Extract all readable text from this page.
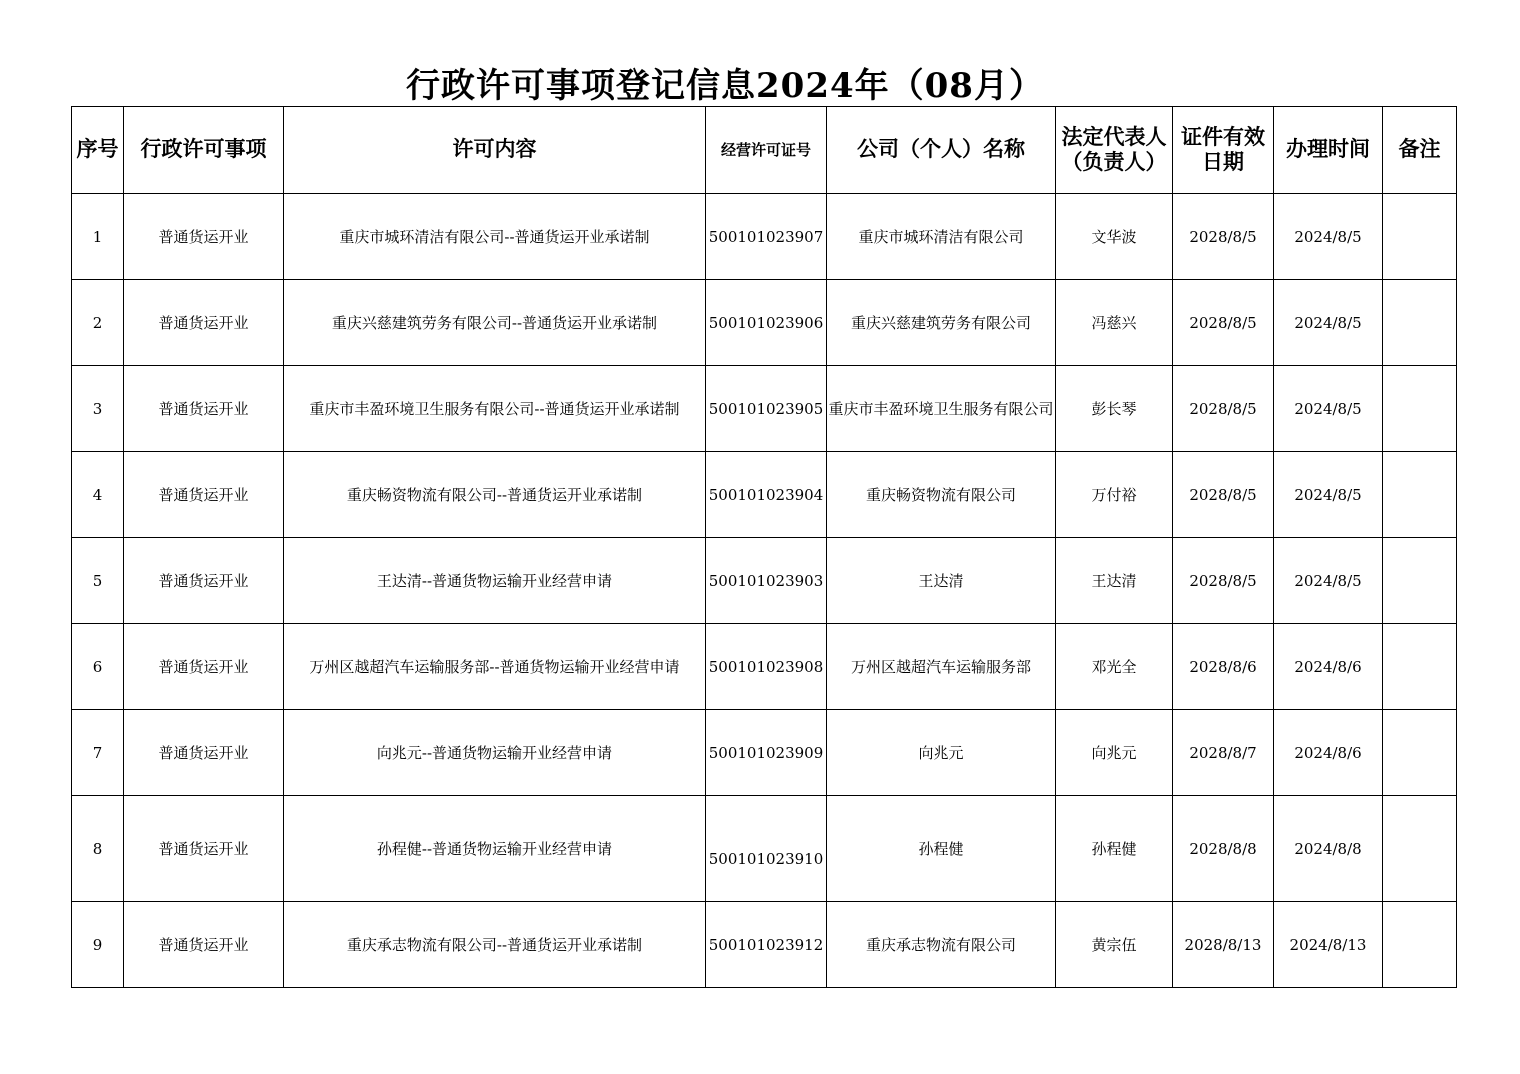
行政许可事项登记信息2024年（08月）
序号	行政许可事项	许可内容	经营许可证号	公司（个人）名称	法定代表人（负责人）	证件有效日期	办理时间	备注
1	普通货运开业	重庆市城环清洁有限公司--普通货运开业承诺制	500101023907	重庆市城环清洁有限公司	文华波	2028/8/5	2024/8/5	
2	普通货运开业	重庆兴慈建筑劳务有限公司--普通货运开业承诺制	500101023906	重庆兴慈建筑劳务有限公司	冯慈兴	2028/8/5	2024/8/5	
3	普通货运开业	重庆市丰盈环境卫生服务有限公司--普通货运开业承诺制	500101023905	重庆市丰盈环境卫生服务有限公司	彭长琴	2028/8/5	2024/8/5	
4	普通货运开业	重庆畅资物流有限公司--普通货运开业承诺制	500101023904	重庆畅资物流有限公司	万付裕	2028/8/5	2024/8/5	
5	普通货运开业	王达清--普通货物运输开业经营申请	500101023903	王达清	王达清	2028/8/5	2024/8/5	
6	普通货运开业	万州区越超汽车运输服务部--普通货物运输开业经营申请	500101023908	万州区越超汽车运输服务部	邓光全	2028/8/6	2024/8/6	
7	普通货运开业	向兆元--普通货物运输开业经营申请	500101023909	向兆元	向兆元	2028/8/7	2024/8/6	
8	普通货运开业	孙程健--普通货物运输开业经营申请	500101023910	孙程健	孙程健	2028/8/8	2024/8/8	
9	普通货运开业	重庆承志物流有限公司--普通货运开业承诺制	500101023912	重庆承志物流有限公司	黄宗伍	2028/8/13	2024/8/13	
